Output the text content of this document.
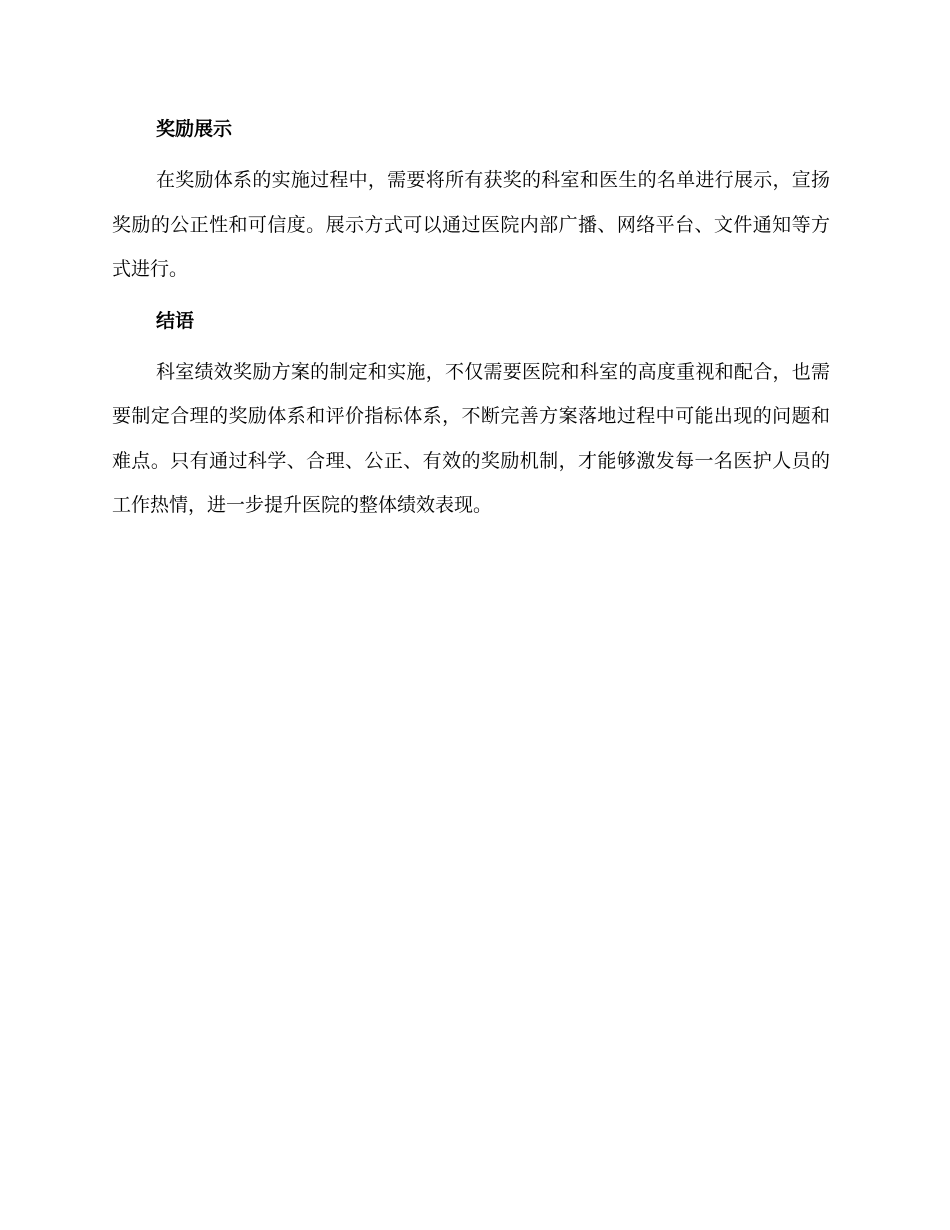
奖励展示

在奖励体系的实施过程中，需要将所有获奖的科室和医生的名单进行展示，宣扬奖励的公正性和可信度。展示方式可以通过医院内部广播、网络平台、文件通知等方式进行。

结语

科室绩效奖励方案的制定和实施，不仅需要医院和科室的高度重视和配合，也需要制定合理的奖励体系和评价指标体系，不断完善方案落地过程中可能出现的问题和难点。只有通过科学、合理、公正、有效的奖励机制，才能够激发每一名医护人员的工作热情，进一步提升医院的整体绩效表现。
